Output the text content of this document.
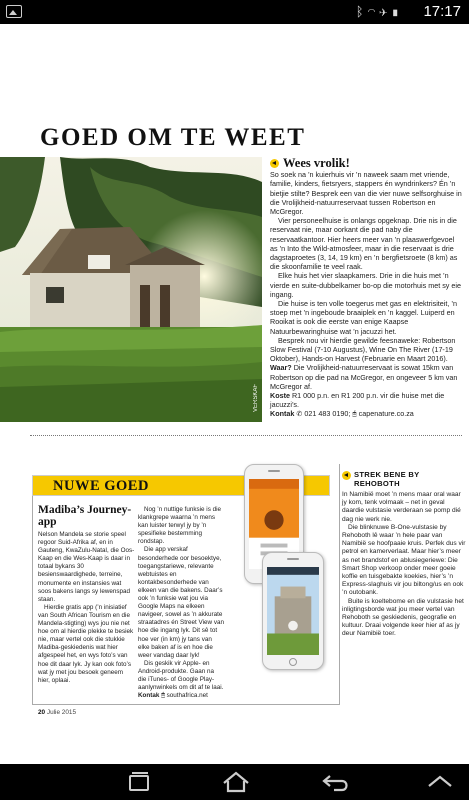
ᛒ◠✈▮ 17:17
GOED OM TE WEET
VERSKAF
Wees vrolik!

So soek na ’n kuierhuis vir ’n naweek saam met vriende, familie, kinders, fietsryers, stappers én wyndrinkers? Én ’n bietjie stilte? Besprek een van die vier nuwe selfsorghuise in die Vrolijkheid-natuurreservaat tussen Robertson en McGregor.

Vier personeelhuise is onlangs opgeknap. Drie nis in die reservaat nie, maar oorkant die pad naby die reservaatkantoor. Hier heers meer van ’n plaaswerfgevoel as ’n Into the Wild-atmosfeer, maar in die reservaat is drie dagstaproetes (3, 14, 19 km) en ’n bergfietsroete (8 km) as die skoonfamilie te veel raak.

Elke huis het vier slaapkamers. Drie in die huis met ’n vierde en suite-dubbelkamer bo-op die motorhuis met sy eie ingang.

Die huise is ten volle toegerus met gas en elektrisiteit, ’n stoep met ’n ingeboude braaiplek en ’n kaggel. Luiperd en Rooikat is ook die eerste van enige Kaapse Natuurbewaringhuise wat ’n jacuzzi het.

Besprek nou vir hierdie gewilde feesnaweke: Robertson Slow Festival (7-10 Augustus), Wine On The River (17-19 Oktober), Hands-on Harvest (Februarie en Maart 2016).

Waar? Die Vrolijkheid-natuurreservaat is sowat 15km van Robertson op die pad na McGregor, en ongeveer 5 km van McGregor af.

Koste R1 000 p.n. en R1 200 p.n. vir die huise met die jacuzzi’s.

Kontak ✆ 021 483 0190; 🖱 capenature.co.za

NUWE GOED
Madiba’s Journey-app

Nelson Mandela se storie speel regoor Suid-Afrika af, en in Gauteng, KwaZulu-Natal, die Oos-Kaap en die Wes-Kaap is daar in totaal bykans 30 besienswaardighede, terreine, monumente en instansies wat soos bakens langs sy lewenspad staan.

Hierdie gratis app (’n inisiatief van South African Tourism en die Mandela-stigting) wys jou nie net hoe om al hierdie plekke te besiek nie, maar vertel ook die stukkie Madiba-geskiedenis wat hier afgespeel het, en wys foto’s van hoe dit daar lyk. Jy kan ook foto’s wat jy met jou besoek geneem hier, oplaai.

Nog ’n nuttige funksie is die klankgrepe waarna ’n mens kan luister terwyl jy by ’n spesifieke bestemming rondstap.

Die app verskaf besonderhede oor besoektye, toegangstariewe, relevante webtuistes en kontakbesonderhede van elkeen van die bakens. Daar’s ook ’n funksie wat jou via Google Maps na elkeen navigeer, sowel as ’n akkurate straatadres én Street View van hoe die ingang lyk. Dit sê tot hoe ver (in km) jy tans van elke baken af is en hoe die weer vandag daar lyk!

Dis geskik vir Apple- en Android-produkte. Gaan na die iTunes- of Google Play-aanlynwinkels om dit af te laai.

Kontak 🖱 southafrica.net

STREK BENE BY REHOBOTH

In Namibië moet ’n mens maar oral waar jy kom, tenk volmaak – net in geval daardie vulstasie verderaan se pomp dié dag nie werk nie.

Die blinknuwe B-One-vulstasie by Rehoboth lê waar ’n hele paar van Namibië se hoofpaaie kruis. Perfek dus vir petrol en kamerverlaat. Maar hier’s meer as net brandstof en ablusiegeriewe: Die Smart Shop verkoop onder meer goeie koffie en tuisgebakte koekies, hier’s ’n Express-slaghuis vir jou biltong/us en ook ’n outobank.

Buite is koeltebome en die vulstasie het inligtingsborde wat jou meer vertel van Rehoboth se geskiedenis, geografie en kultuur. Draai volgende keer hier af as jy deur Namibië toer.

20 Julie 2015
